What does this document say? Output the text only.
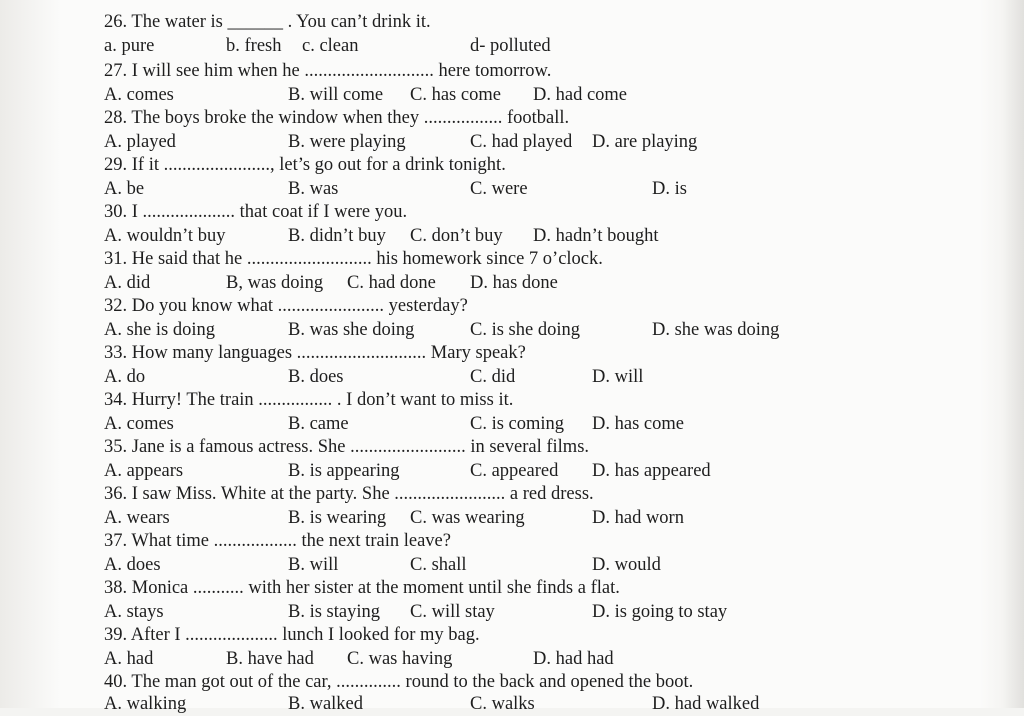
26. The water is ______ . You can’t drink it.
a. pure	b. fresh c. clean	d- polluted
27. I will see him when he ............................ here tomorrow.
A. comes	B. will come C. has come D. had come
28. The boys broke the window when they ................. football.
A. played	B. were playing	C. had played D. are playing
29. If it ......................., let’s go out for a drink tonight.
A. be	B. was	C. were	D. is
30. I .................... that coat if I were you.
A. wouldn’t buy	B. didn’t buy C. don’t buy D. hadn’t bought
31. He said that he ........................... his homework since 7 o’clock.
A. did	B, was doing C. had done D. has done
32. Do you know what ....................... yesterday?
A. she is doing	B. was she doing	C. is she doing	D. she was doing
33. How many languages ............................ Mary speak?
A. do	B. does	C. did	D. will
34. Hurry! The train ................ . I don’t want to miss it.
A. comes	B. came	C. is coming D. has come
35. Jane is a famous actress. She ......................... in several films.
A. appears	B. is appearing	C. appeared D. has appeared
36. I saw Miss. White at the party. She ........................ a red dress.
A. wears	B. is wearing C. was wearing	D. had worn
37. What time .................. the next train leave?
A. does	B. will	C. shall	D. would
38. Monica ........... with her sister at the moment until she finds a flat.
A. stays	B. is staying C. will stay	D. is going to stay
39. After I .................... lunch I looked for my bag.
A. had	B. have had C. was having	D. had had
40. The man got out of the car, .............. round to the back and opened the boot.
A. walking	B. walked	C. walks	D. had walked
